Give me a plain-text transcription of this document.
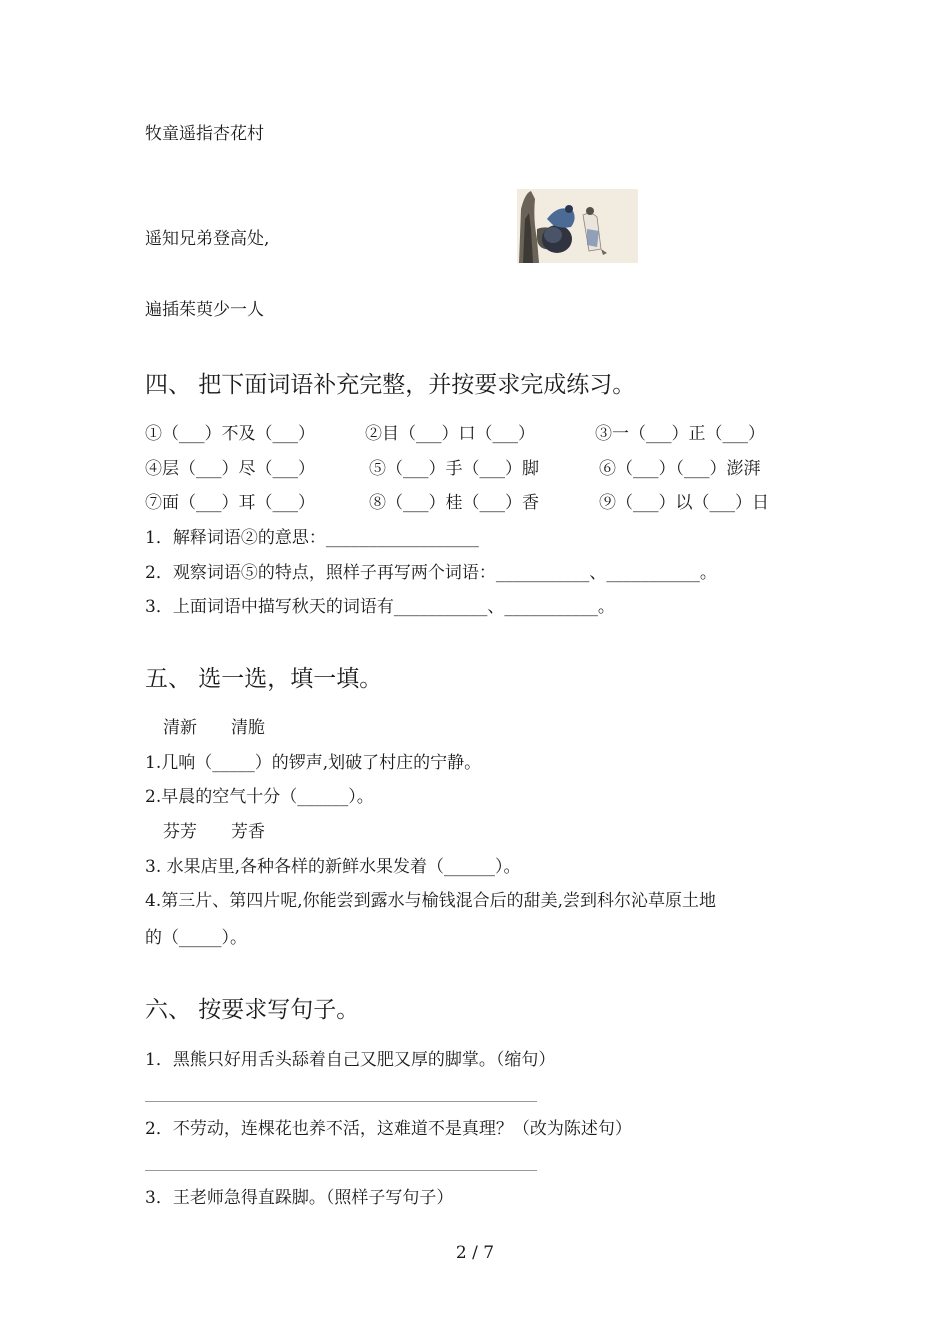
牧童遥指杏花村
遥知兄弟登高处,
遍插茱萸少一人
四、 把下面词语补充完整，并按要求完成练习。
①（___）不及（___）	②目（___）口（___）	③一（___）正（___）
④层（___）尽（___）	⑤（___）手（___）脚	⑥（___）（___）澎湃
⑦面（___）耳（___）	⑧（___）桂（___）香	⑨（___）以（___）日
1．解释词语②的意思：__________________
2．观察词语⑤的特点，照样子再写两个词语：___________、___________。
3．上面词语中描写秋天的词语有___________、___________。
五、 选一选，填一填。
清新　　清脆
1.几响（_____）的锣声,划破了村庄的宁静。
2.早晨的空气十分（______）。
芬芳　　芳香
3. 水果店里,各种各样的新鲜水果发着（______）。
4.第三片、第四片呢,你能尝到露水与榆钱混合后的甜美,尝到科尔沁草原土地
的（_____）。
六、 按要求写句子。
1．黑熊只好用舌头舔着自己又肥又厚的脚掌。（缩句）
2．不劳动，连棵花也养不活，这难道不是真理？（改为陈述句）
3．王老师急得直跺脚。（照样子写句子）
2 / 7
